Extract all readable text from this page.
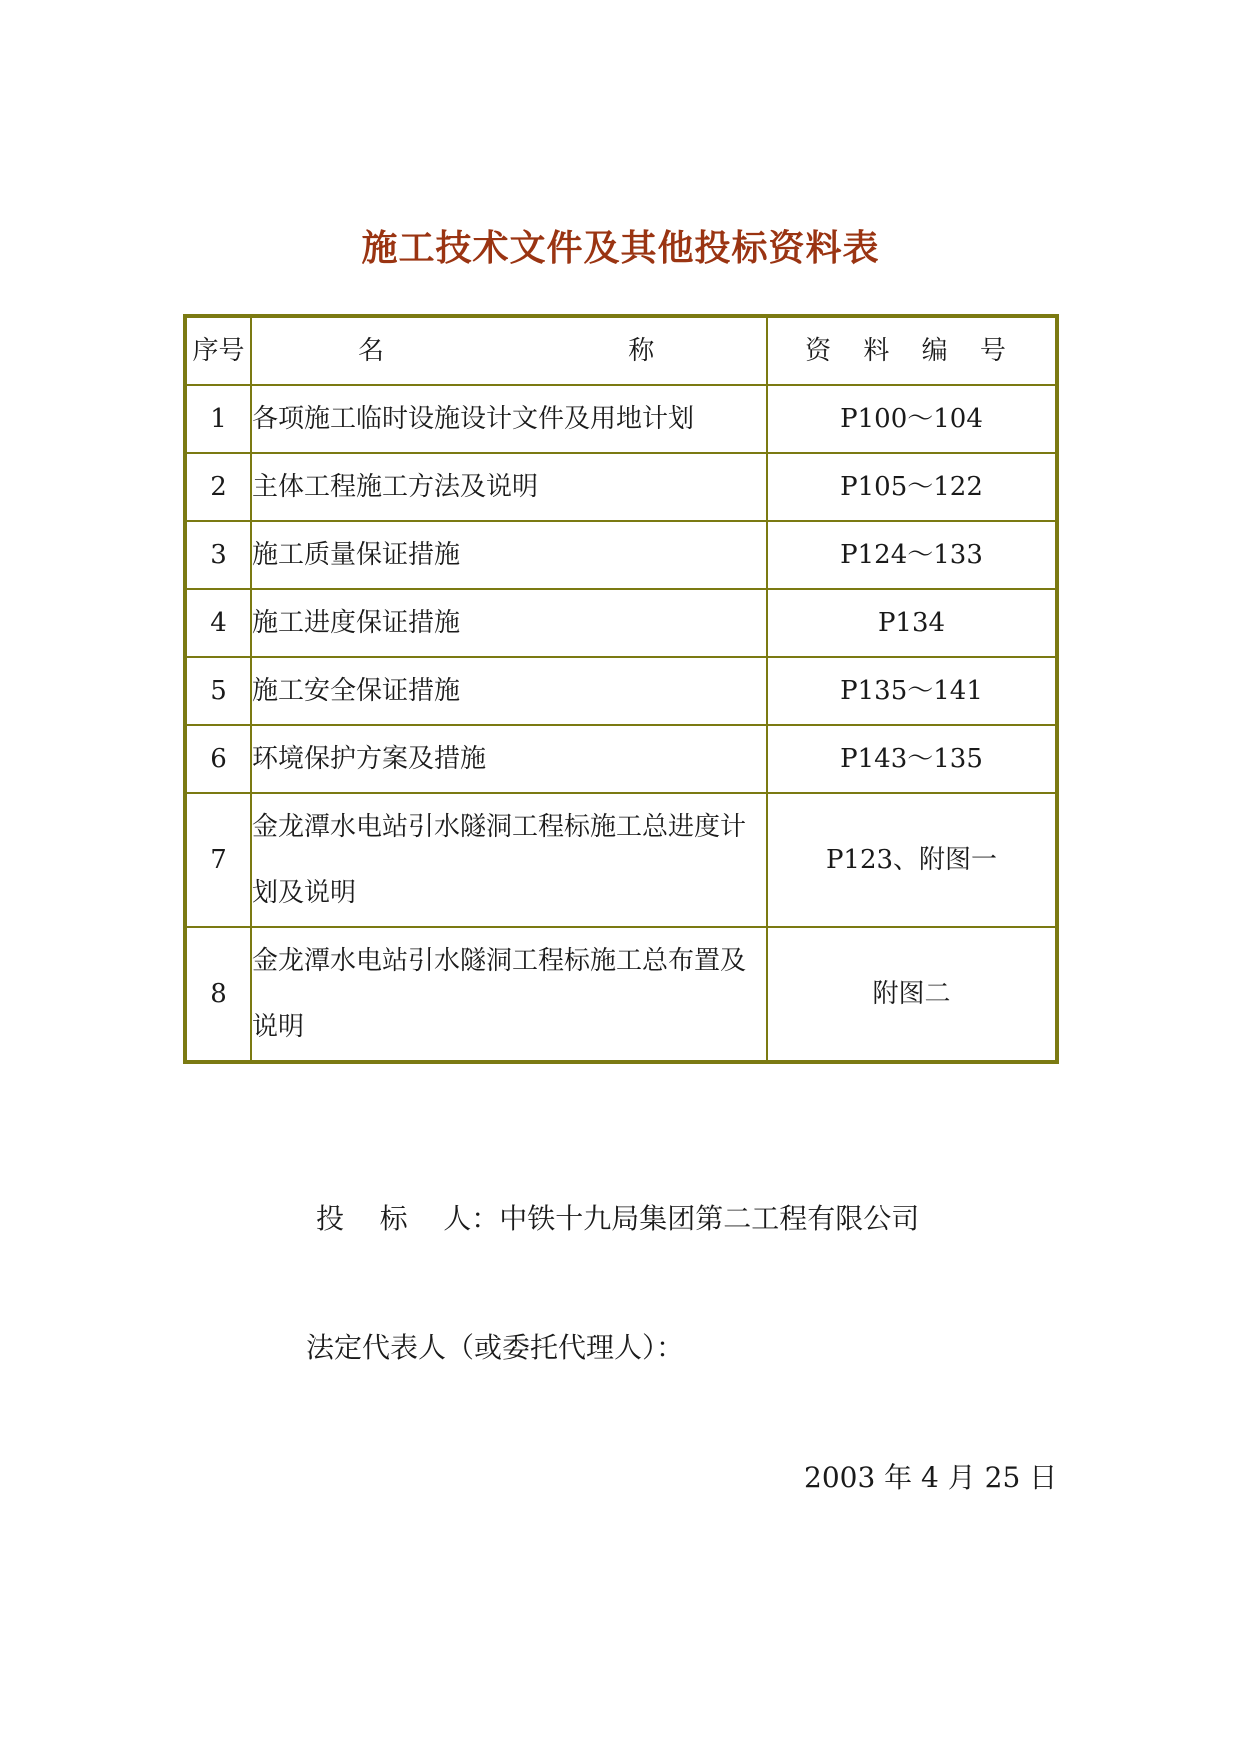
施工技术文件及其他投标资料表
序号	名 称	资 料 编 号
1	各项施工临时设施设计文件及用地计划	P100～104
2	主体工程施工方法及说明	P105～122
3	施工质量保证措施	P124～133
4	施工进度保证措施	P134
5	施工安全保证措施	P135～141
6	环境保护方案及措施	P143～135
7	金龙潭水电站引水隧洞工程标施工总进度计划及说明	P123、附图一
8	金龙潭水电站引水隧洞工程标施工总布置及说明	附图二
投    标    人：中铁十九局集团第二工程有限公司
法定代表人（或委托代理人）：
2003 年 4 月 25 日
